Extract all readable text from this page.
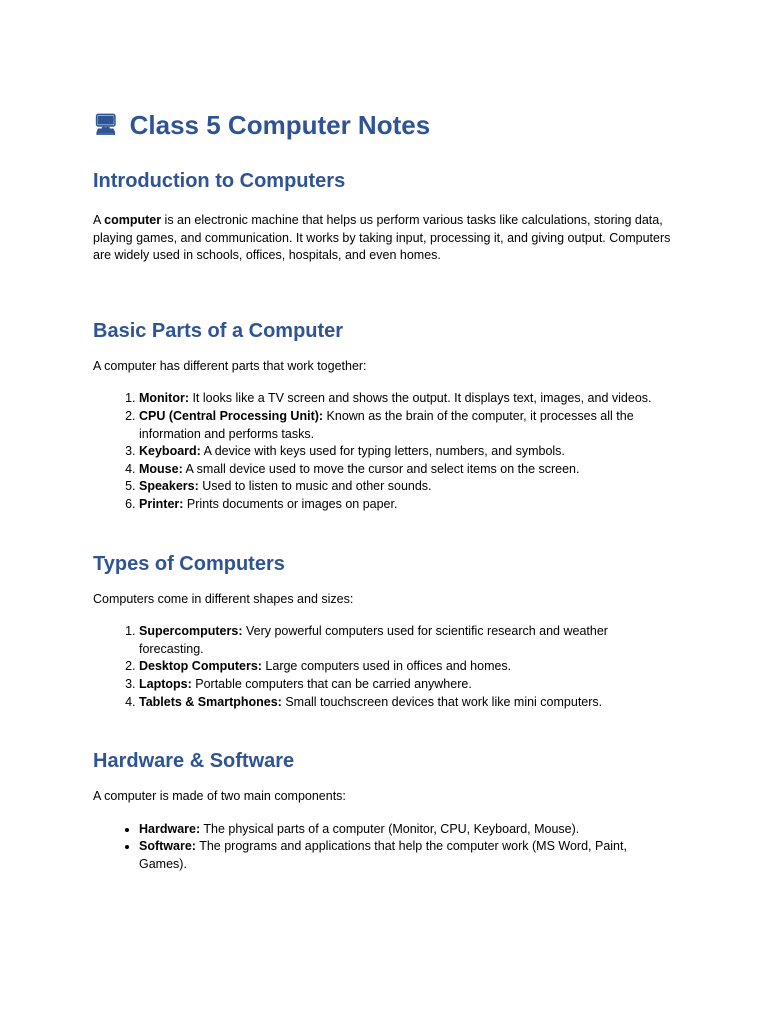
🖥 Class 5 Computer Notes
Introduction to Computers

A computer is an electronic machine that helps us perform various tasks like calculations, storing data, playing games, and communication. It works by taking input, processing it, and giving output. Computers are widely used in schools, offices, hospitals, and even homes.

Basic Parts of a Computer

A computer has different parts that work together:

1. Monitor: It looks like a TV screen and shows the output. It displays text, images, and videos.
2. CPU (Central Processing Unit): Known as the brain of the computer, it processes all the information and performs tasks.
3. Keyboard: A device with keys used for typing letters, numbers, and symbols.
4. Mouse: A small device used to move the cursor and select items on the screen.
5. Speakers: Used to listen to music and other sounds.
6. Printer: Prints documents or images on paper.
Types of Computers

Computers come in different shapes and sizes:

1. Supercomputers: Very powerful computers used for scientific research and weather forecasting.
2. Desktop Computers: Large computers used in offices and homes.
3. Laptops: Portable computers that can be carried anywhere.
4. Tablets & Smartphones: Small touchscreen devices that work like mini computers.
Hardware & Software

A computer is made of two main components:

• Hardware: The physical parts of a computer (Monitor, CPU, Keyboard, Mouse).
• Software: The programs and applications that help the computer work (MS Word, Paint, Games).
